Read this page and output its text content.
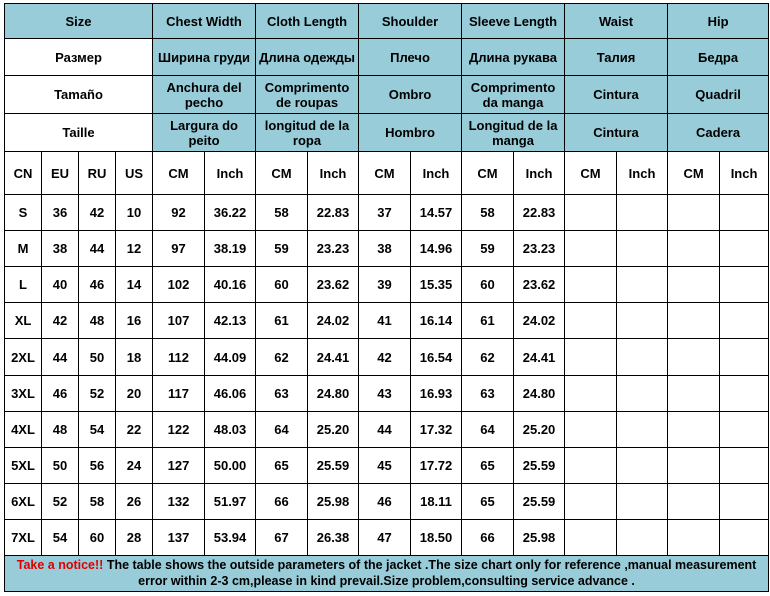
Size				Chest Width		Cloth Length		Shoulder		Sleeve Length		Waist		Hip	
Размер				Ширина груди		Длина одежды		Плечо		Длина рукава		Талия		Бедра	
Tamaño				Anchura del pecho		Comprimento de roupas		Ombro		Comprimento da manga		Cintura		Quadril	
Taille				Largura do peito		longitud de la ropa		Hombro		Longitud de la manga		Cintura		Cadera	
CN	EU	RU	US	CM	Inch	CM	Inch	CM	Inch	CM	Inch	CM	Inch	CM	Inch
S	36	42	10	92	36.22	58	22.83	37	14.57	58	22.83				
M	38	44	12	97	38.19	59	23.23	38	14.96	59	23.23				
L	40	46	14	102	40.16	60	23.62	39	15.35	60	23.62				
XL	42	48	16	107	42.13	61	24.02	41	16.14	61	24.02				
2XL	44	50	18	112	44.09	62	24.41	42	16.54	62	24.41				
3XL	46	52	20	117	46.06	63	24.80	43	16.93	63	24.80				
4XL	48	54	22	122	48.03	64	25.20	44	17.32	64	25.20				
5XL	50	56	24	127	50.00	65	25.59	45	17.72	65	25.59				
6XL	52	58	26	132	51.97	66	25.98	46	18.11	65	25.59				
7XL	54	60	28	137	53.94	67	26.38	47	18.50	66	25.98				
Take a notice!! The table shows the outside parameters of the jacket .The size chart only for reference ,manual measurement error within 2-3 cm,please in kind prevail.Size problem,consulting service advance .															
